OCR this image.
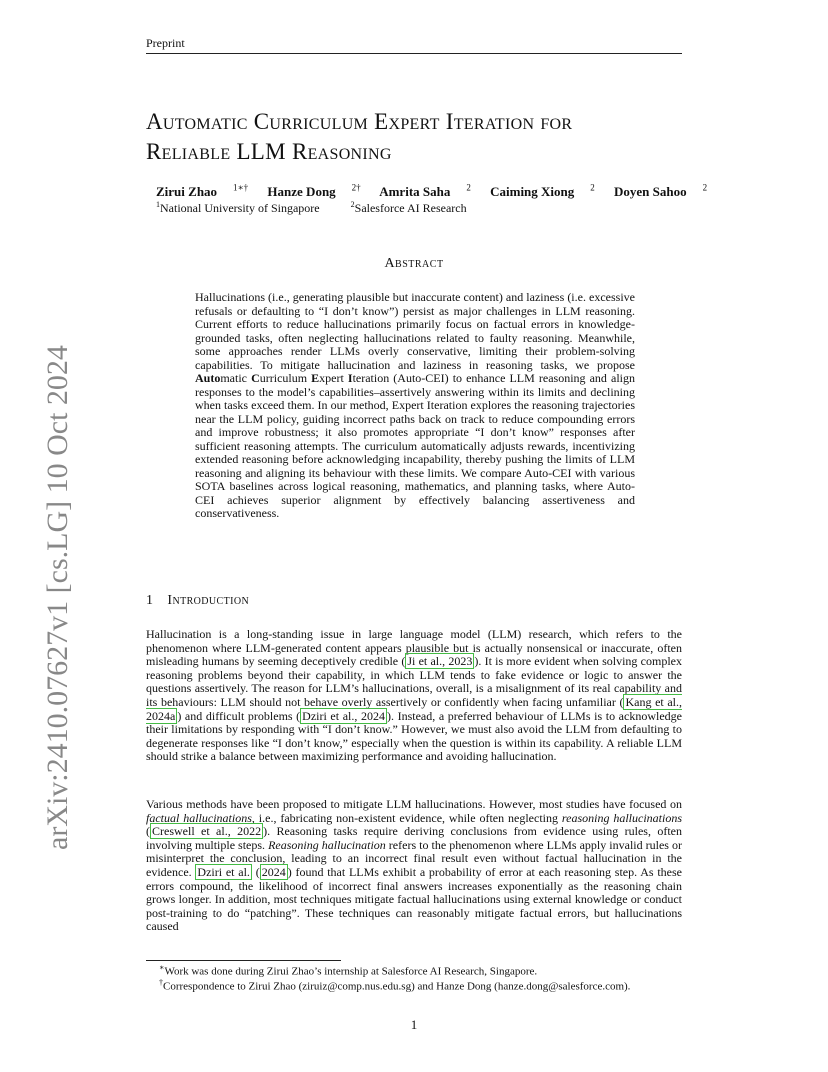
Preprint
arXiv:2410.07627v1 [cs.LG] 10 Oct 2024
Automatic Curriculum Expert Iteration for
Reliable LLM Reasoning
Zirui Zhao $^{1∗\dagger}$ Hanze Dong $^{2\dagger}$ Amrita Saha $^2$ Caiming Xiong $^2$ Doyen Sahoo $^2$
$^1$National University of Singapore	$^2$Salesforce AI Research
Abstract
Hallucinations (i.e., generating plausible but inaccurate content) and laziness (i.e. excessive refusals or defaulting to “I don’t know”) persist as major challenges in LLM reasoning. Current efforts to reduce hallucinations primarily focus on factual errors in knowledge-grounded tasks, often neglecting hallucinations related to faulty reasoning. Meanwhile, some approaches render LLMs overly conservative, limiting their problem-solving capabilities. To mitigate hallucination and laziness in reasoning tasks, we propose Automatic Curriculum Expert Iteration (Auto-CEI) to enhance LLM reasoning and align responses to the model’s capabilities–assertively answering within its limits and declining when tasks exceed them. In our method, Expert Iteration explores the reasoning trajectories near the LLM policy, guiding incorrect paths back on track to reduce compounding errors and improve robustness; it also promotes appropriate “I don’t know” responses after sufficient reasoning attempts. The curriculum automatically adjusts rewards, incentivizing extended reasoning before acknowledging incapability, thereby pushing the limits of LLM reasoning and aligning its behaviour with these limits. We compare Auto-CEI with various SOTA baselines across logical reasoning, mathematics, and planning tasks, where Auto-CEI achieves superior alignment by effectively balancing assertiveness and conservativeness.
1 Introduction
Hallucination is a long-standing issue in large language model (LLM) research, which refers to the phenomenon where LLM-generated content appears plausible but is actually nonsensical or inaccurate, often misleading humans by seeming deceptively credible ( Ji et al., 2023 ). It is more evident when solving complex reasoning problems beyond their capability, in which LLM tends to fake evidence or logic to answer the questions assertively. The reason for LLM’s hallucinations, overall, is a misalignment of its real capability and its behaviours: LLM should not behave overly assertively or confidently when facing unfamiliar ( Kang et al., 2024a ) and difficult problems ( Dziri et al., 2024 ). Instead, a preferred behaviour of LLMs is to acknowledge their limitations by responding with “I don’t know.” However, we must also avoid the LLM from defaulting to degenerate responses like “I don’t know,” especially when the question is within its capability. A reliable LLM should strike a balance between maximizing performance and avoiding hallucination.
Various methods have been proposed to mitigate LLM hallucinations. However, most studies have focused on factual hallucinations, i.e., fabricating non-existent evidence, while often neglecting reasoning hallucinations ( Creswell et al., 2022 ). Reasoning tasks require deriving conclusions from evidence using rules, often involving multiple steps. Reasoning hallucination refers to the phenomenon where LLMs apply invalid rules or misinterpret the conclusion, leading to an incorrect final result even without factual hallucination in the evidence. Dziri et al. ( 2024 ) found that LLMs exhibit a probability of error at each reasoning step. As these errors compound, the likelihood of incorrect final answers increases exponentially as the reasoning chain grows longer. In addition, most techniques mitigate factual hallucinations using external knowledge or conduct post-training to do “patching”. These techniques can reasonably mitigate factual errors, but hallucinations caused
∗Work was done during Zirui Zhao’s internship at Salesforce AI Research, Singapore.
†Correspondence to Zirui Zhao (ziruiz@comp.nus.edu.sg) and Hanze Dong (hanze.dong@salesforce.com).
1
